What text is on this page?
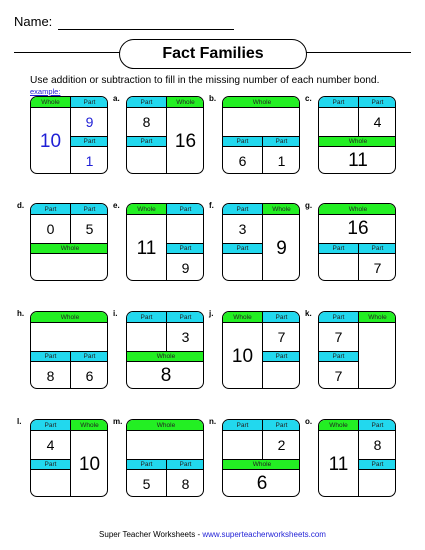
Name:
Fact Families
Use addition or subtraction to fill in the missing number of each number bond.
example:
Whole	Part
Part
10
9
1
Whole
Part
Part	16
8
a.	Whole
Part	Part
6	1
b.	Part	Part
Whole
4
11
c.
Part	Part
Whole
0	5
d.	Whole	Part
Part
11
9
e.	Whole
Part
Part	9
3
f.	Whole
Part	Part
16
7
g.
Whole
Part	Part
8	6
h.	Part	Part
Whole
3
8
i.	Whole	Part
Part
10
7
j.	Whole
Part
Part
7
7
k.
Whole
Part
Part	10
4
l.	Whole
Part	Part
5	8
m.	Part	Part
Whole
2
6
n.	Whole	Part
Part
11
8
o.
Super Teacher Worksheets - www.superteacherworksheets.com
